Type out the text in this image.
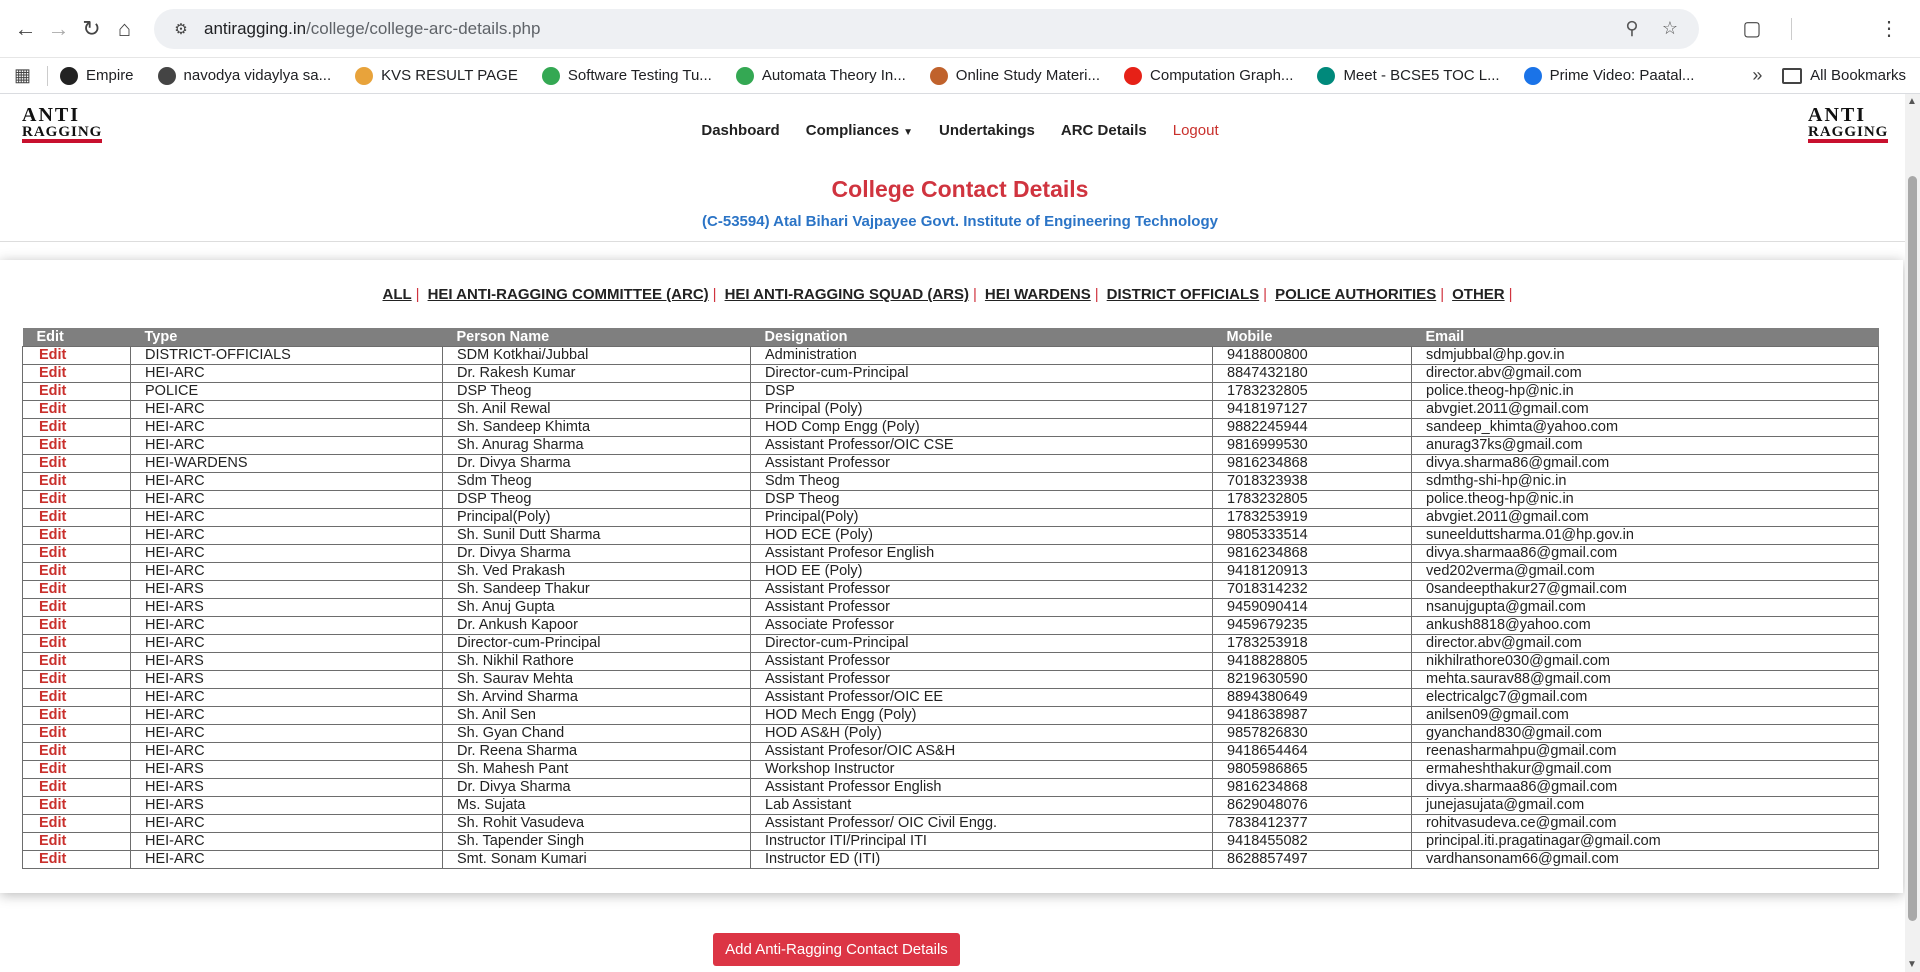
← → ↻ ⌂	⚙ antiragging.in/college/college-arc-details.php	⚲	☆	▢	⋮
▦	Empire	navodya vidaylya sa...	KVS RESULT PAGE	Software Testing Tu...	Automata Theory In...	Online Study Materi...	Computation Graph...	Meet - BCSE5 TOC L...	Prime Video: Paatal...	»	All Bookmarks
ANTI
RAGGING	Dashboard	Compliances ▼	Undertakings	ARC Details	Logout
ANTI
RAGGING
College Contact Details
(C-53594) Atal Bihari Vajpayee Govt. Institute of Engineering Technology
ALL | HEI ANTI-RAGGING COMMITTEE (ARC) | HEI ANTI-RAGGING SQUAD (ARS) | HEI WARDENS | DISTRICT OFFICIALS | POLICE AUTHORITIES | OTHER |
Edit	Type	Person Name	Designation	Mobile	Email
Edit	DISTRICT-OFFICIALS	SDM Kotkhai/Jubbal	Administration	9418800800	sdmjubbal@hp.gov.in
Edit	HEI-ARC	Dr. Rakesh Kumar	Director-cum-Principal	8847432180	director.abv@gmail.com
Edit	POLICE	DSP Theog	DSP	1783232805	police.theog-hp@nic.in
Edit	HEI-ARC	Sh. Anil Rewal	Principal (Poly)	9418197127	abvgiet.2011@gmail.com
Edit	HEI-ARC	Sh. Sandeep Khimta	HOD Comp Engg (Poly)	9882245944	sandeep_khimta@yahoo.com
Edit	HEI-ARC	Sh. Anurag Sharma	Assistant Professor/OIC CSE	9816999530	anurag37ks@gmail.com
Edit	HEI-WARDENS	Dr. Divya Sharma	Assistant Professor	9816234868	divya.sharma86@gmail.com
Edit	HEI-ARC	Sdm Theog	Sdm Theog	7018323938	sdmthg-shi-hp@nic.in
Edit	HEI-ARC	DSP Theog	DSP Theog	1783232805	police.theog-hp@nic.in
Edit	HEI-ARC	Principal(Poly)	Principal(Poly)	1783253919	abvgiet.2011@gmail.com
Edit	HEI-ARC	Sh. Sunil Dutt Sharma	HOD ECE (Poly)	9805333514	suneelduttsharma.01@hp.gov.in
Edit	HEI-ARC	Dr. Divya Sharma	Assistant Profesor English	9816234868	divya.sharmaa86@gmail.com
Edit	HEI-ARC	Sh. Ved Prakash	HOD EE (Poly)	9418120913	ved202verma@gmail.com
Edit	HEI-ARS	Sh. Sandeep Thakur	Assistant Professor	7018314232	0sandeepthakur27@gmail.com
Edit	HEI-ARS	Sh. Anuj Gupta	Assistant Professor	9459090414	nsanujgupta@gmail.com
Edit	HEI-ARC	Dr. Ankush Kapoor	Associate Professor	9459679235	ankush8818@yahoo.com
Edit	HEI-ARC	Director-cum-Principal	Director-cum-Principal	1783253918	director.abv@gmail.com
Edit	HEI-ARS	Sh. Nikhil Rathore	Assistant Professor	9418828805	nikhilrathore030@gmail.com
Edit	HEI-ARS	Sh. Saurav Mehta	Assistant Professor	8219630590	mehta.saurav88@gmail.com
Edit	HEI-ARC	Sh. Arvind Sharma	Assistant Professor/OIC EE	8894380649	electricalgc7@gmail.com
Edit	HEI-ARC	Sh. Anil Sen	HOD Mech Engg (Poly)	9418638987	anilsen09@gmail.com
Edit	HEI-ARC	Sh. Gyan Chand	HOD AS&H (Poly)	9857826830	gyanchand830@gmail.com
Edit	HEI-ARC	Dr. Reena Sharma	Assistant Profesor/OIC AS&H	9418654464	reenasharmahpu@gmail.com
Edit	HEI-ARS	Sh. Mahesh Pant	Workshop Instructor	9805986865	ermaheshthakur@gmail.com
Edit	HEI-ARS	Dr. Divya Sharma	Assistant Professor English	9816234868	divya.sharmaa86@gmail.com
Edit	HEI-ARS	Ms. Sujata	Lab Assistant	8629048076	junejasujata@gmail.com
Edit	HEI-ARC	Sh. Rohit Vasudeva	Assistant Professor/ OIC Civil Engg.	7838412377	rohitvasudeva.ce@gmail.com
Edit	HEI-ARC	Sh. Tapender Singh	Instructor ITI/Principal ITI	9418455082	principal.iti.pragatinagar@gmail.com
Edit	HEI-ARC	Smt. Sonam Kumari	Instructor ED (ITI)	8628857497	vardhansonam66@gmail.com
Add Anti-Ragging Contact Details
▲
▼
